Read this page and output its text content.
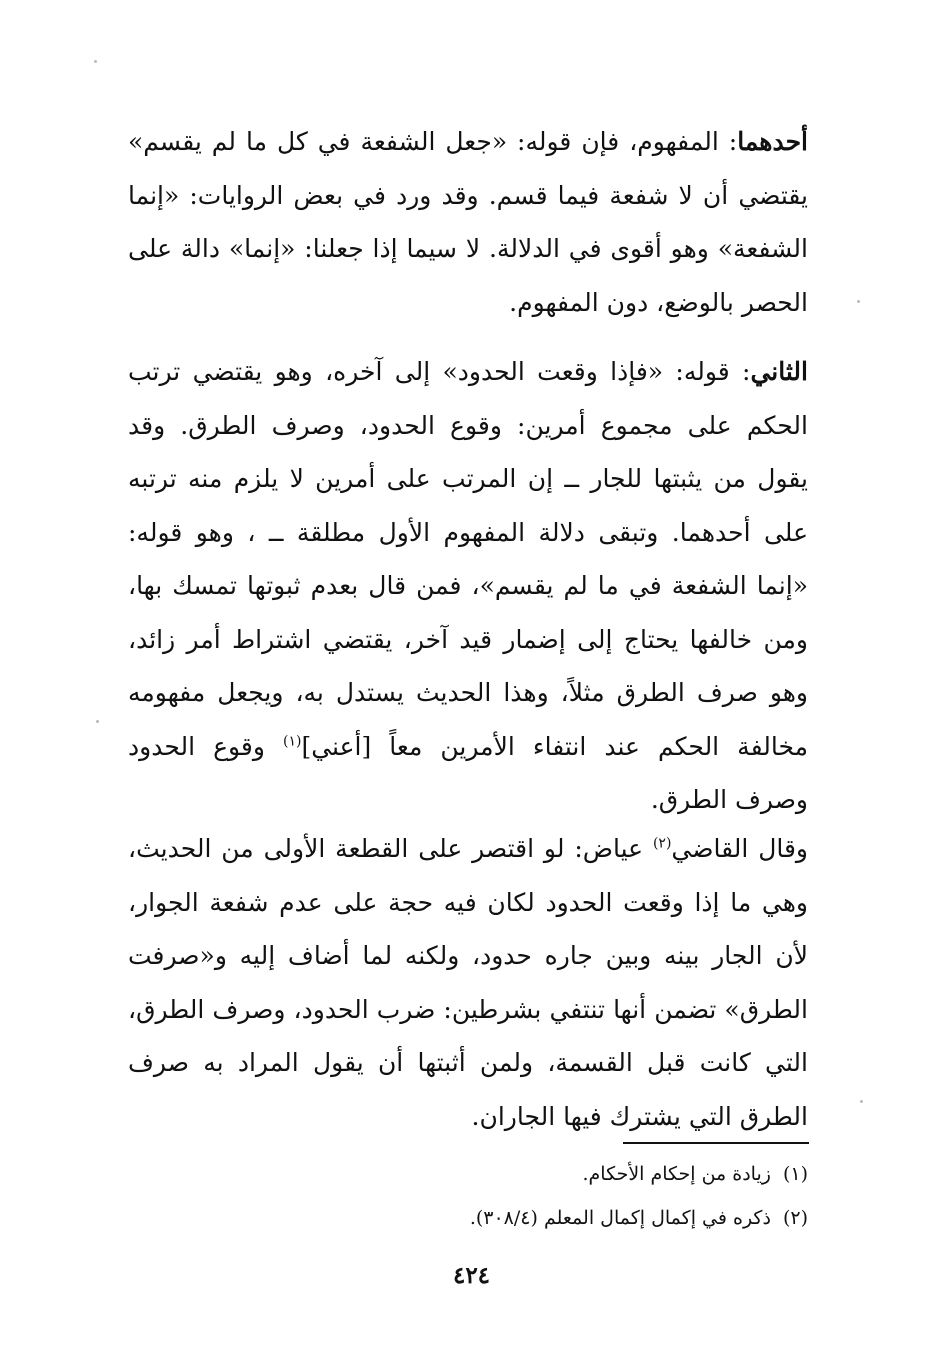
أحدهما: المفهوم، فإن قوله: «جعل الشفعة في كل ما لم يقسم» يقتضي أن لا شفعة فيما قسم. وقد ورد في بعض الروايات: «إنما الشفعة» وهو أقوى في الدلالة. لا سيما إذا جعلنا: «إنما» دالة على الحصر بالوضع، دون المفهوم.

الثاني: قوله: «فإذا وقعت الحدود» إلى آخره، وهو يقتضي ترتب الحكم على مجموع أمرين: وقوع الحدود، وصرف الطرق. وقد يقول من يثبتها للجار ــ إن المرتب على أمرين لا يلزم منه ترتبه على أحدهما. وتبقى دلالة المفهوم الأول مطلقة ــ ، وهو قوله: «إنما الشفعة في ما لم يقسم»، فمن قال بعدم ثبوتها تمسك بها، ومن خالفها يحتاج إلى إضمار قيد آخر، يقتضي اشتراط أمر زائد، وهو صرف الطرق مثلاً، وهذا الحديث يستدل به، ويجعل مفهومه مخالفة الحكم عند انتفاء الأمرين معاً [أعني]$^{(١)}$ وقوع الحدود وصرف الطرق.

وقال القاضي$^{(٢)}$ عياض: لو اقتصر على القطعة الأولى من الحديث، وهي ما إذا وقعت الحدود لكان فيه حجة على عدم شفعة الجوار، لأن الجار بينه وبين جاره حدود، ولكنه لما أضاف إليه و«صرفت الطرق» تضمن أنها تنتفي بشرطين: ضرب الحدود، وصرف الطرق، التي كانت قبل القسمة، ولمن أثبتها أن يقول المراد به صرف الطرق التي يشترك فيها الجاران.

(١)زيادة من إحكام الأحكام.
(٢)ذكره في إكمال إكمال المعلم (٣٠٨/٤).
٤٢٤
